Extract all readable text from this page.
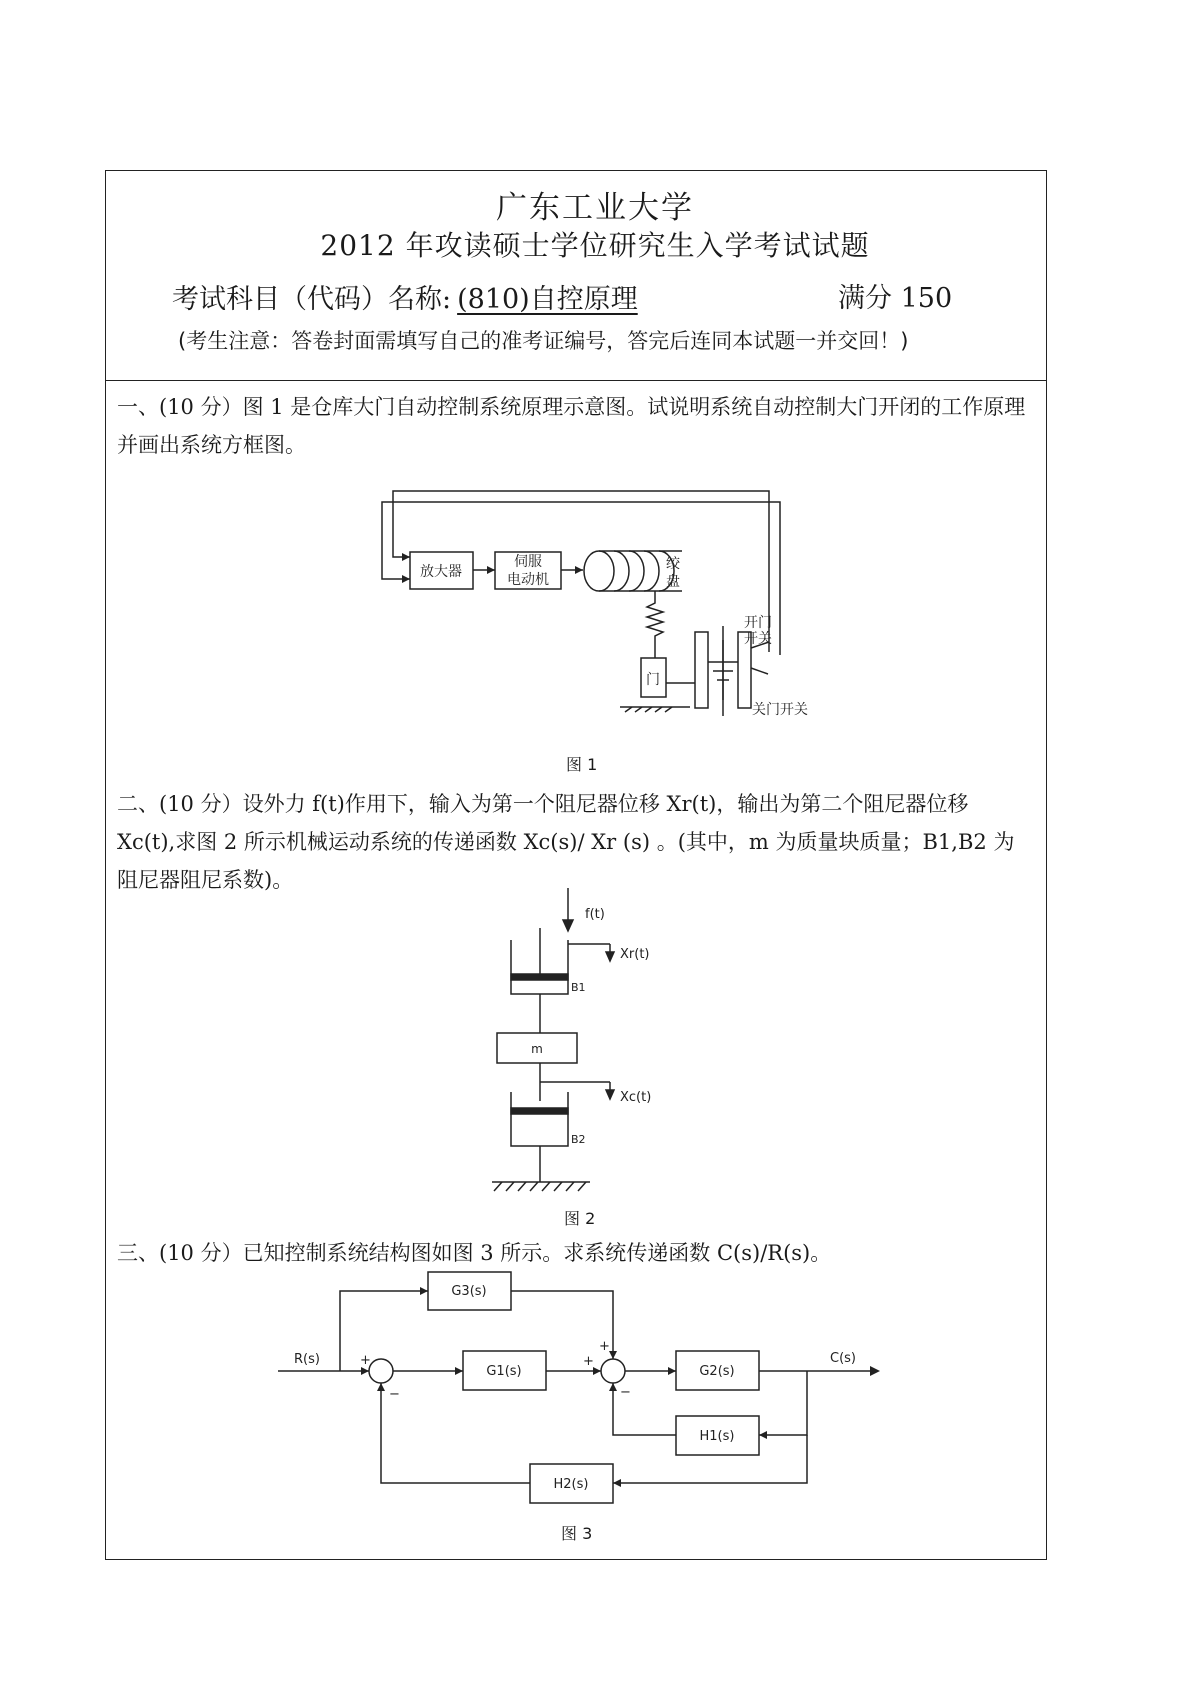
广东工业大学
2012 年攻读硕士学位研究生入学考试试题
考试科目（代码）名称: (810)自控原理	满分 150
(考生注意：答卷封面需填写自己的准考证编号，答完后连同本试题一并交回！)
一、(10 分）图 1 是仓库大门自动控制系统原理示意图。试说明系统自动控制大门开闭的工作原理并画出系统方框图。
二、(10 分）设外力 f(t)作用下，输入为第一个阻尼器位移 Xr(t)，输出为第二个阻尼器位移 Xc(t),求图 2 所示机械运动系统的传递函数 Xc(s)/ Xr (s) 。(其中，m 为质量块质量；B1,B2 为阻尼器阻尼系数)。
三、(10 分）已知控制系统结构图如图 3 所示。求系统传递函数 C(s)/R(s)。
图 1
图 2
图 3
放大器
伺服
电动机
绞
盘
门
开门
开关
关门开关
f(t)
Xr(t)
B1
m
Xc(t)
B2
G3(s)
R(s)
G1(s)	G2(s)
C(s)
H1(s)
H2(s)
+
−
+
+
−
